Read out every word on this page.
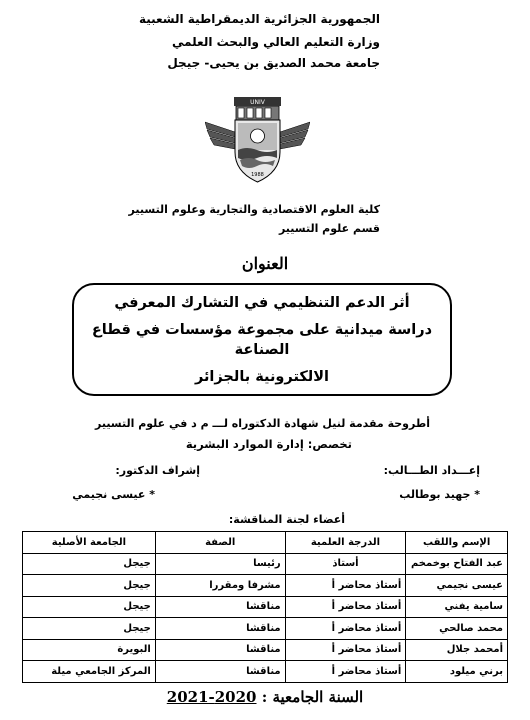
الجمهورية الجزائرية الديمقراطية الشعبية
وزارة التعليم العالي والبحث العلمي
جامعة محمد الصديق بن يحيى- جيجل
UNIV
1988
كلية العلوم الاقتصادية والتجارية وعلوم التسيير
قسم علوم التسيير
العنوان
أثر الدعم التنظيمي في التشارك المعرفي
دراسة ميدانية على مجموعة مؤسسات في قطاع الصناعة
الالكترونية بالجزائر
أطروحة مقدمة لنيل شهادة الدكتوراه لـــ م د في علوم التسيير
تخصص: إدارة الموارد البشرية
إعـــداد الطـــالب:
إشراف الدكتور:
* جهيد بوطالب
* عيسى نجيمي
أعضاء لجنة المناقشة:
الإسم واللقب	الدرجة العلمية	الصفة	الجامعة الأصلية
عبد الفتاح بوخمخم	أستاذ	رئيسا	جيجل
عيسى نجيمي	أستاذ محاضر أ	مشرفا ومقررا	جيجل
سامية يفني	أستاذ محاضر أ	مناقشا	جيجل
محمد صالحي	أستاذ محاضر أ	مناقشا	جيجل
أمحمد جلال	أستاذ محاضر أ	مناقشا	البويرة
برني ميلود	أستاذ محاضر أ	مناقشا	المركز الجامعي ميلة
السنة الجامعية : 2020-2021
